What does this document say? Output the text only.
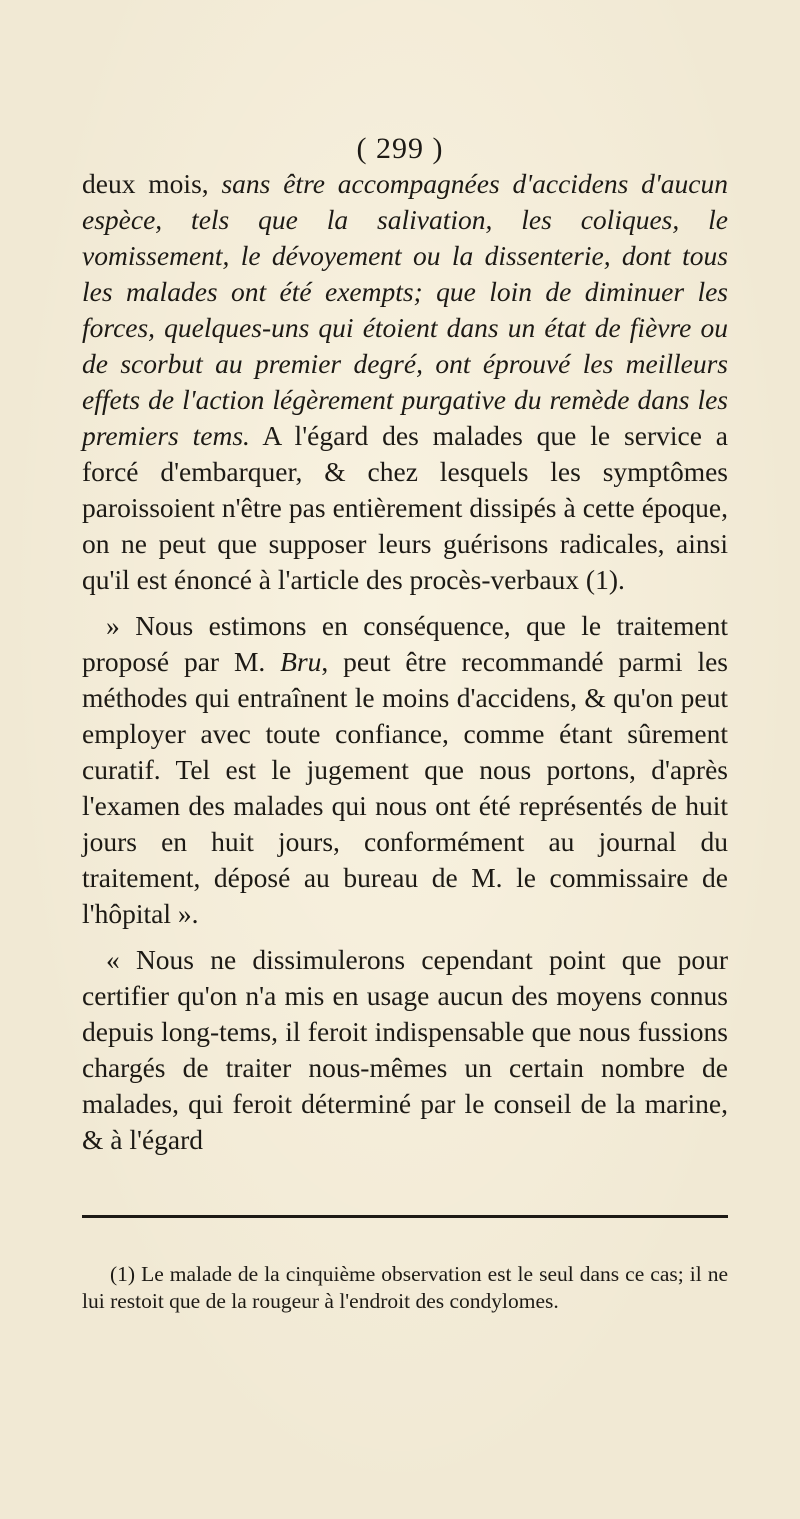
( 299 )

deux mois, sans être accompagnées d'accidens d'aucun espèce, tels que la salivation, les coliques, le vomissement, le dévoyement ou la dissenterie, dont tous les malades ont été exempts; que loin de diminuer les forces, quelques-uns qui étoient dans un état de fièvre ou de scorbut au premier degré, ont éprouvé les meilleurs effets de l'action légèrement purgative du remède dans les premiers tems. A l'égard des malades que le service a forcé d'embarquer, & chez lesquels les symptômes paroissoient n'être pas entièrement dissipés à cette époque, on ne peut que supposer leurs guérisons radicales, ainsi qu'il est énoncé à l'article des procès-verbaux (1).

» Nous estimons en conséquence, que le traitement proposé par M. Bru, peut être recommandé parmi les méthodes qui entraînent le moins d'accidens, & qu'on peut employer avec toute confiance, comme étant sûrement curatif. Tel est le jugement que nous portons, d'après l'examen des malades qui nous ont été représentés de huit jours en huit jours, conformément au journal du traitement, déposé au bureau de M. le commissaire de l'hôpital ».

« Nous ne dissimulerons cependant point que pour certifier qu'on n'a mis en usage aucun des moyens connus depuis long-tems, il feroit indispensable que nous fussions chargés de traiter nous-mêmes un certain nombre de malades, qui feroit déterminé par le conseil de la marine, & à l'égard

(1) Le malade de la cinquième observation est le seul dans ce cas; il ne lui restoit que de la rougeur à l'endroit des condylomes.
